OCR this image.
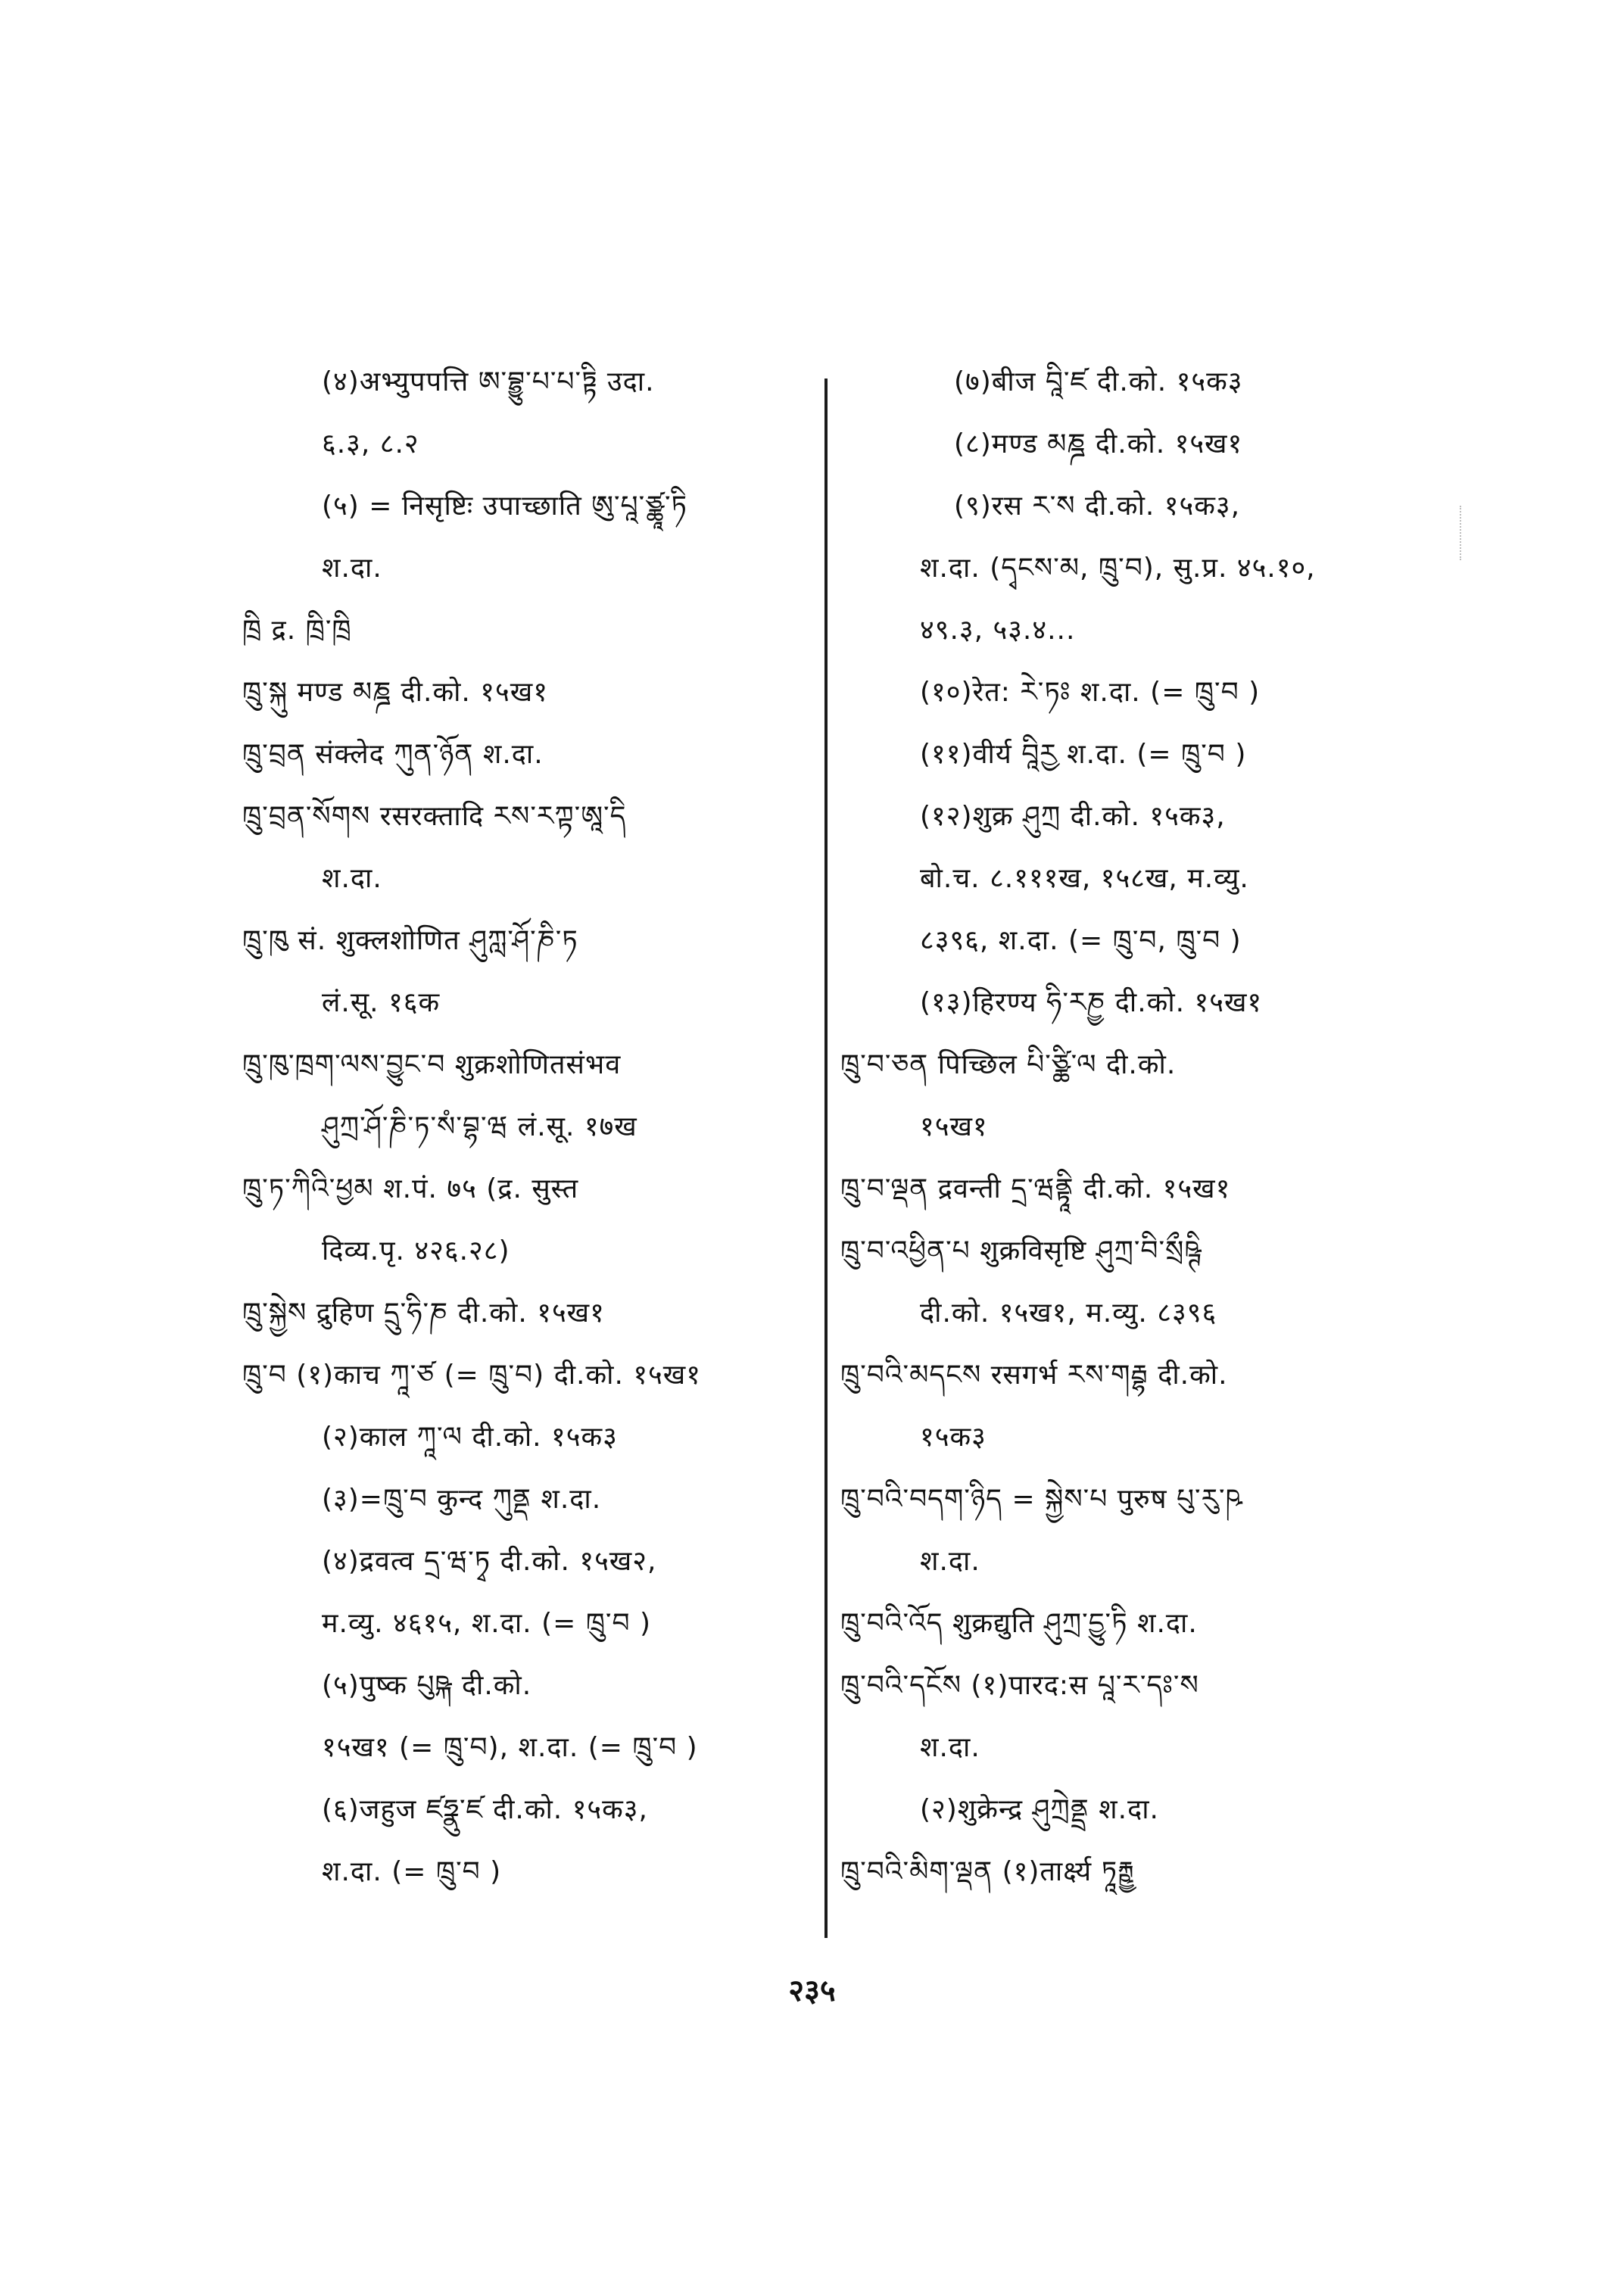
(४)अभ्युपपत्ति ཨ་བྷྱུ་པ་པ་ཏྟི उदा.
६.३, ८.२
(५) = निसृष्टिः उपाच्छाति ཨུ་པཱ་ཙྪཱ་ཏི
श.दा.
ཁྲི द्र. ཁྲི་ཁྲི
ཁྲུ་སྐུ मण्ड མཎྜ दी.को. १५ख१
ཁྲུ་བྲན संक्लेद ཀུན་ཉོན श.दा.
ཁྲུ་བྲན་སོགས रसरक्तादि རས་རཀྟ་ཨཱ་དི
श.दा.
ཁྲུ་ཁུ सं. शुक्लशोणित ཤུཀླ་ཤོ་ཎི་ཏ
लं.सू. १६क
ཁྲུ་ཁུ་ཁྲག་ལས་བྱུང་བ शुक्रशोणितसंभव
ཤུཀྲ་ཤོ་ཎི་ཏ་སཾ་བྷ་ཝ लं.सू. १७ख
ཁྲུ་ཏ་ཀིའི་ཕྱམ श.पं. ७५ (द्र. सुस्त
दिव्य.पृ. ४२६.२८)
ཁྲུ་སྐྱེས द्रुहिण དྲུ་ཧི་ཎ दी.को. १५ख१
ཁྲུ་བ (१)काच ཀཱ་ཙ (= ཁྲུ་བ) दी.को. १५ख१
(२)काल ཀཱ་ལ दी.को. १५क३
(३)=ཁྲུ་བ कुन्द ཀུནྡ श.दा.
(४)द्रवत्व དྲ་ཝ་ཏྭ दी.को. १५ख२,
म.व्यु. ४६१५, श.दा. (= ཁྲུ་བ )
(५)पुष्क པུཥྐ दी.को.
१५ख१ (= ཁྲུ་བ), श.दा. (= ཁྲུ་བ )
(६)जहुज ཛཧྣུ་ཛ दी.को. १५क३,
श.दा. (= ཁྲུ་བ )
(७)बीज བཱི་ཛ दी.को. १५क३
(८)मण्ड མཎྜ दी.को. १५ख१
(९)रस ར་ས दी.को. १५क३,
श.दा. (དྭངས་མ, ཁྲུ་བ), सु.प्र. ४५.१०,
४९.३, ५३.४...
(१०)रेत: རེ་ཏཿ श.दा. (= ཁྲུ་བ )
(११)वीर्य བཱིརྱ श.दा. (= ཁྲུ་བ )
(१२)शुक्र ཤུཀྲ दी.को. १५क३,
बो.च. ८.१११ख, १५८ख, म.व्यु.
८३९६, श.दा. (= ཁྲུ་བ, ཁྲུ་བ )
(१३)हिरण्य ཧི་རཎྱ दी.को. १५ख१
ཁྲུ་བ་ཅན पिच्छिल པི་ཙྪི་ལ दी.को.
१५ख१
ཁྲུ་བ་ལྡན द्रवन्ती དྲ་ཝནྟཱི दी.को. १५ख१
ཁྲུ་བ་འཕྱིན་པ शुक्रविसृष्टि ཤུཀྲ་བི་སྲྀཥྚི
दी.को. १५ख१, म.व्यु. ८३९६
ཁྲུ་བའི་མདངས रसगर्भ རས་གརྦྷ दी.को.
१५क३
ཁྲུ་བའི་བདག་ཉིད = སྐྱེས་པ पुरुष པུ་རུ་ཥ
श.दा.
ཁྲུ་བའི་འོད शुक्रद्युति ཤུཀྲ་དྱུ་ཏི श.दा.
ཁྲུ་བའི་དངོས (१)पारद:स པཱ་ར་དཿ་ས
श.दा.
(२)शुक्रेन्द्र ཤུཀྲེནྡྲ श.दा.
ཁྲུ་བའི་མིག་ལྡན (१)तार्क्ष्य ཏཱརྐྵྱ
२३५
